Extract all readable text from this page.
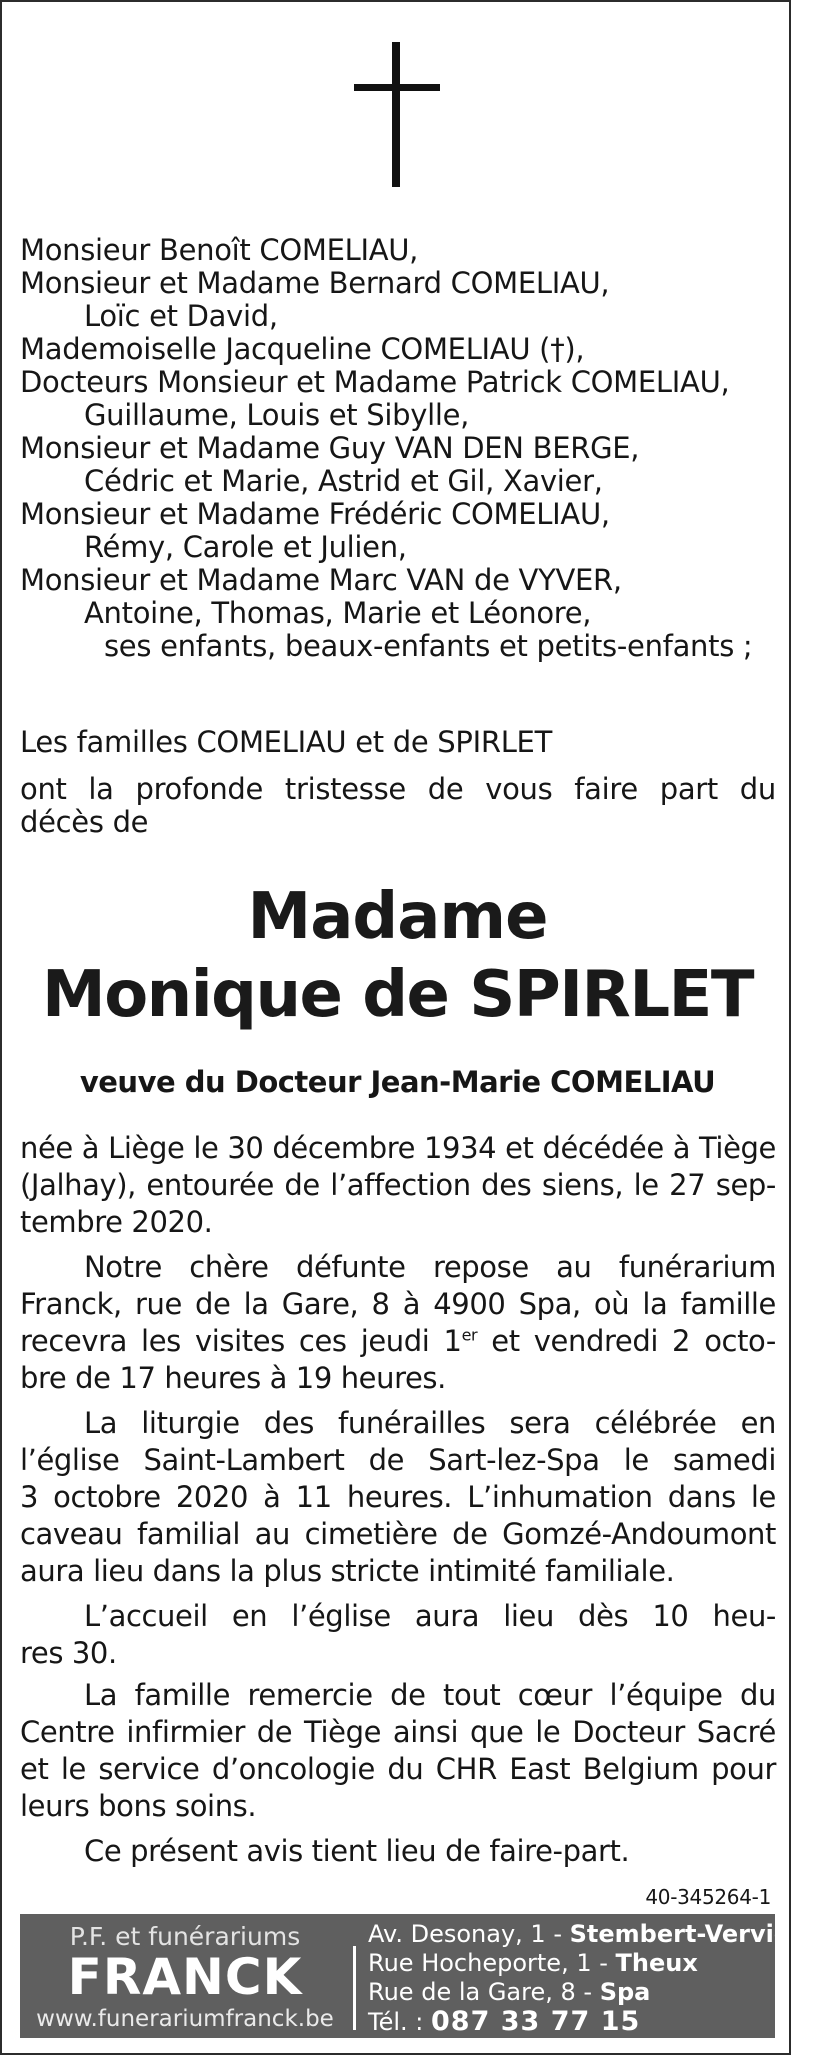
Monsieur Benoît COMELIAU,
Monsieur et Madame Bernard COMELIAU,
Loïc et David,
Mademoiselle Jacqueline COMELIAU (†),
Docteurs Monsieur et Madame Patrick COMELIAU,
Guillaume, Louis et Sibylle,
Monsieur et Madame Guy VAN DEN BERGE,
Cédric et Marie, Astrid et Gil, Xavier,
Monsieur et Madame Frédéric COMELIAU,
Rémy, Carole et Julien,
Monsieur et Madame Marc VAN de VYVER,
Antoine, Thomas, Marie et Léonore,
ses enfants, beaux-enfants et petits-enfants ;
Les familles COMELIAU et de SPIRLET
ont la profonde tristesse de vous faire part du
décès de
Madame
Monique de SPIRLET
veuve du Docteur Jean-Marie COMELIAU
née à Liège le 30 décembre 1934 et décédée à Tiège
(Jalhay), entourée de l’affection des siens, le 27 sep-
tembre 2020.
Notre chère défunte repose au funérarium
Franck, rue de la Gare, 8 à 4900 Spa, où la famille
recevra les visites ces jeudi 1er et vendredi 2 octo-
bre de 17 heures à 19 heures.
La liturgie des funérailles sera célébrée en
l’église Saint-Lambert de Sart-lez-Spa le samedi
3 octobre 2020 à 11 heures. L’inhumation dans le
caveau familial au cimetière de Gomzé-Andoumont
aura lieu dans la plus stricte intimité familiale.
L’accueil en l’église aura lieu dès 10 heu-
res 30.
La famille remercie de tout cœur l’équipe du
Centre infirmier de Tiège ainsi que le Docteur Sacré
et le service d’oncologie du CHR East Belgium pour
leurs bons soins.
Ce présent avis tient lieu de faire-part.
40-345264-1
P.F. et funérariums
FRANCK
www.funerariumfranck.be
Av. Desonay, 1 - Stembert-Verviers
Rue Hocheporte, 1 - Theux
Rue de la Gare, 8 - Spa
Tél. : 087 33 77 15
